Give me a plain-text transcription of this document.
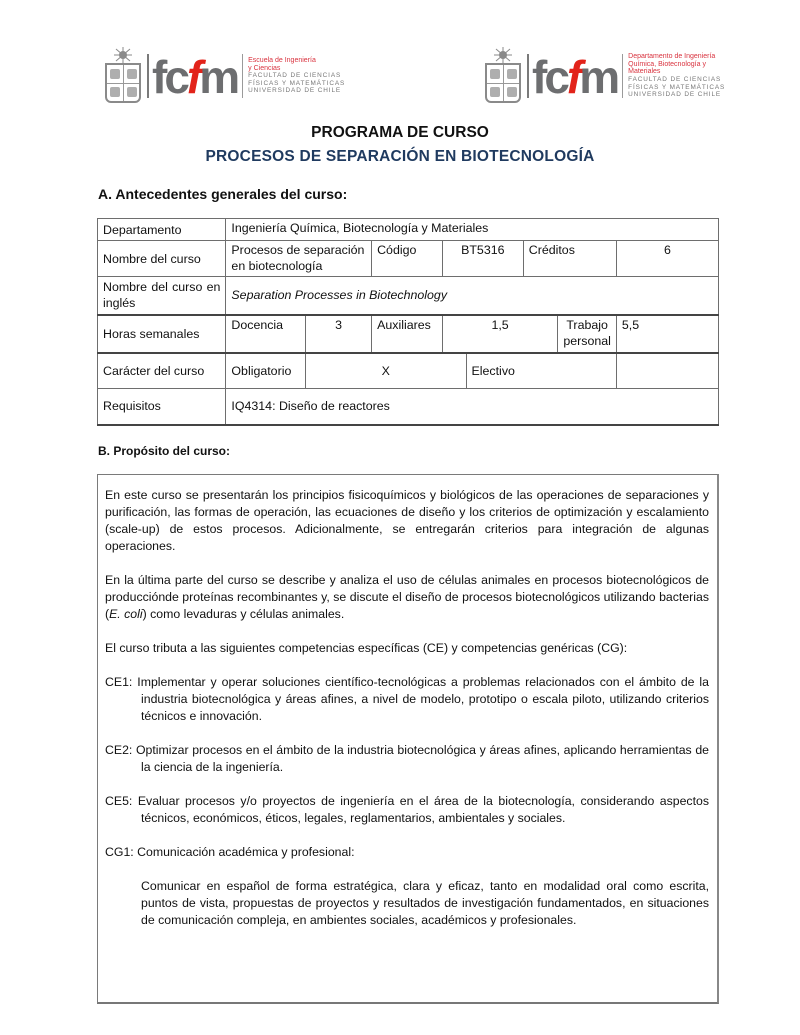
fcfm Escuela de Ingeniería
y Ciencias
FACULTAD DE CIENCIAS
FÍSICAS Y MATEMÁTICAS
UNIVERSIDAD DE CHILE	fcfm Departamento de Ingeniería
Química, Biotecnología y
Materiales
FACULTAD DE CIENCIAS
FÍSICAS Y MATEMÁTICAS
UNIVERSIDAD DE CHILE
PROGRAMA DE CURSO
PROCESOS DE SEPARACIÓN EN BIOTECNOLOGÍA
A. Antecedentes generales del curso:
Departamento	Ingeniería Química, Biotecnología y Materiales							
Nombre del curso	Procesos de separación en biotecnología		Código	BT5316		Créditos		6
Nombre del curso en inglés	Separation Processes in Biotechnology							
Horas semanales	Docencia	3	Auxiliares	1,5			Trabajo personal	5,5
Carácter del curso	Obligatorio	X			Electivo			
Requisitos	IQ4314: Diseño de reactores							
B. Propósito del curso:

En este curso se presentarán los principios fisicoquímicos y biológicos de las operaciones de separaciones y purificación, las formas de operación, las ecuaciones de diseño y los criterios de optimización y escalamiento (scale-up) de estos procesos. Adicionalmente, se entregarán criterios para integración de algunas operaciones.

En la última parte del curso se describe y analiza el uso de células animales en procesos biotecnológicos de producciónde proteínas recombinantes y, se discute el diseño de procesos biotecnológicos utilizando bacterias (E. coli) como levaduras y células animales.

El curso tributa a las siguientes competencias específicas (CE) y competencias genéricas (CG):

CE1: Implementar y operar soluciones científico-tecnológicas a problemas relacionados con el ámbito de la industria biotecnológica y áreas afines, a nivel de modelo, prototipo o escala piloto, utilizando criterios técnicos e innovación.
CE2: Optimizar procesos en el ámbito de la industria biotecnológica y áreas afines, aplicando herramientas de la ciencia de la ingeniería.
CE5: Evaluar procesos y/o proyectos de ingeniería en el área de la biotecnología, considerando aspectos técnicos, económicos, éticos, legales, reglamentarios, ambientales y sociales.
CG1: Comunicación académica y profesional:
Comunicar en español de forma estratégica, clara y eficaz, tanto en modalidad oral como escrita, puntos de vista, propuestas de proyectos y resultados de investigación fundamentados, en situaciones de comunicación compleja, en ambientes sociales, académicos y profesionales.
